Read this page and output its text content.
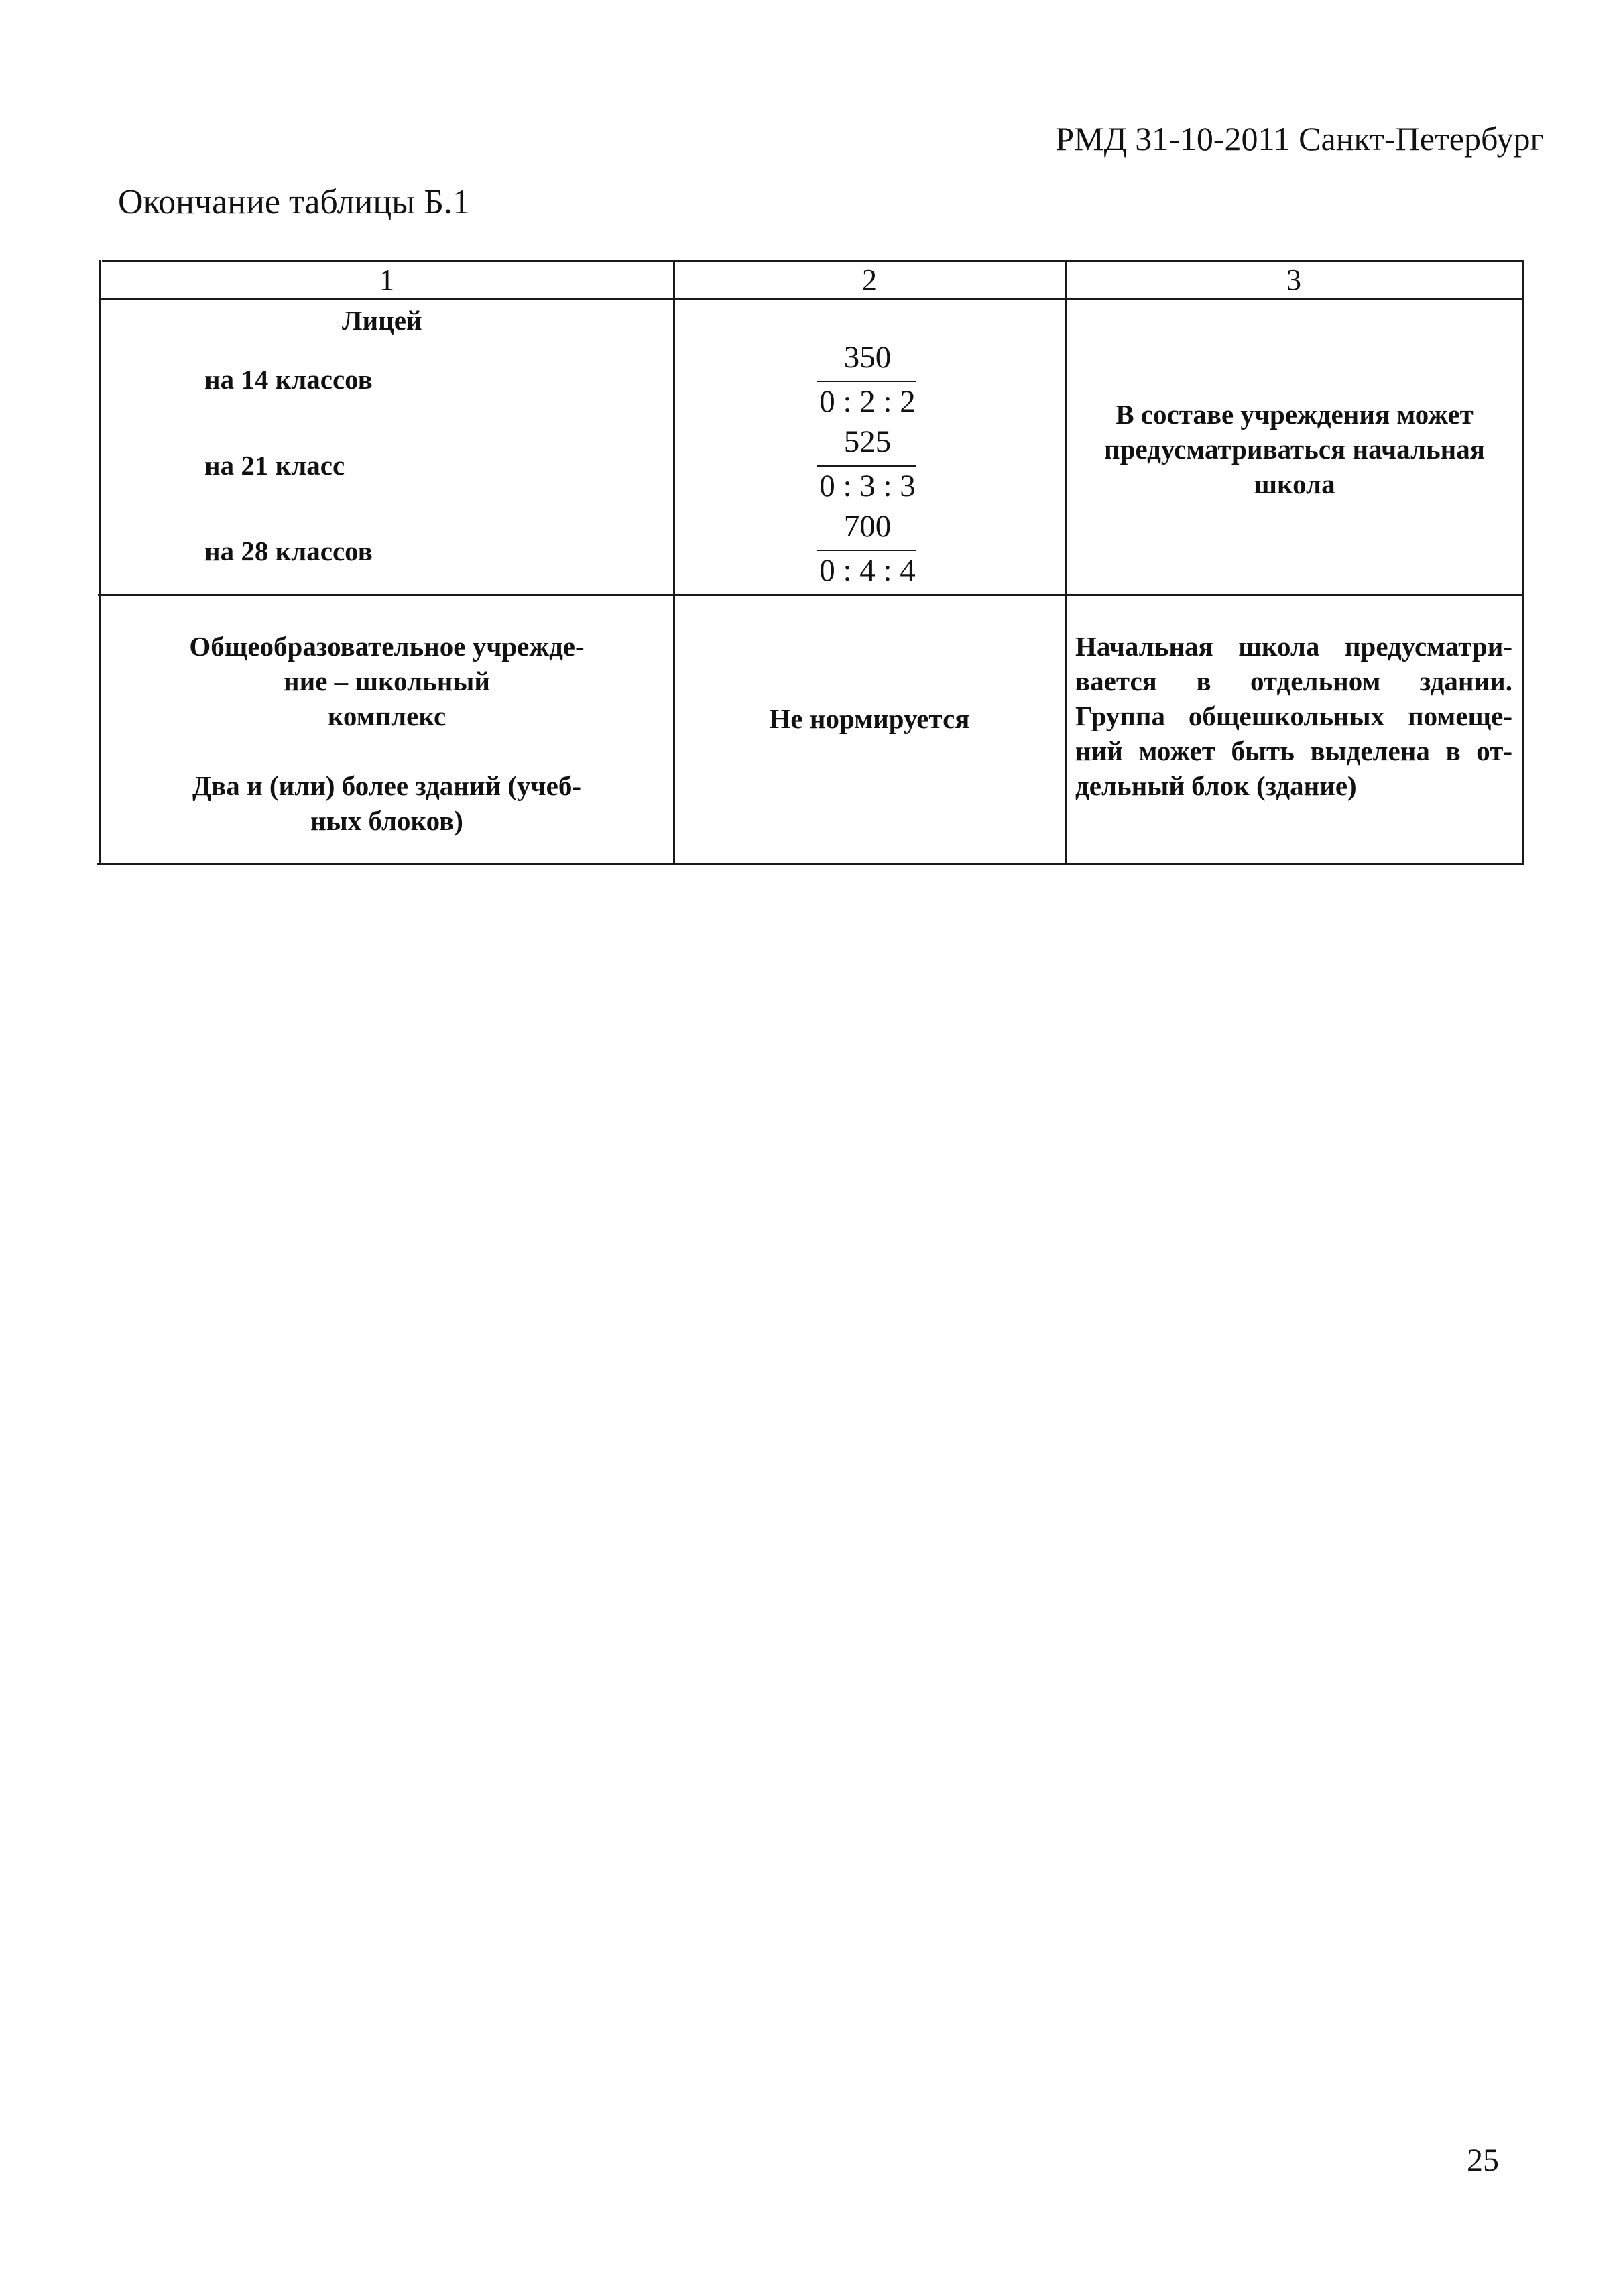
РМД 31-10-2011 Санкт-Петербург
Окончание таблицы Б.1
1	2	3
Лицей
на 14 классов
на 21 класс
на 28 классов
350
0 : 2 : 2
525
0 : 3 : 3
700
0 : 4 : 4
В составе учреждения может
предусматриваться начальная
школа
Общеобразовательное учрежде-
ние – школьный
комплекс
Два и (или) более зданий (учеб-
ных блоков)
Не нормируется
Начальная школа предусматри-
вается в отдельном здании.
Группа общешкольных помеще-
ний может быть выделена в от-
дельный блок (здание)
25
